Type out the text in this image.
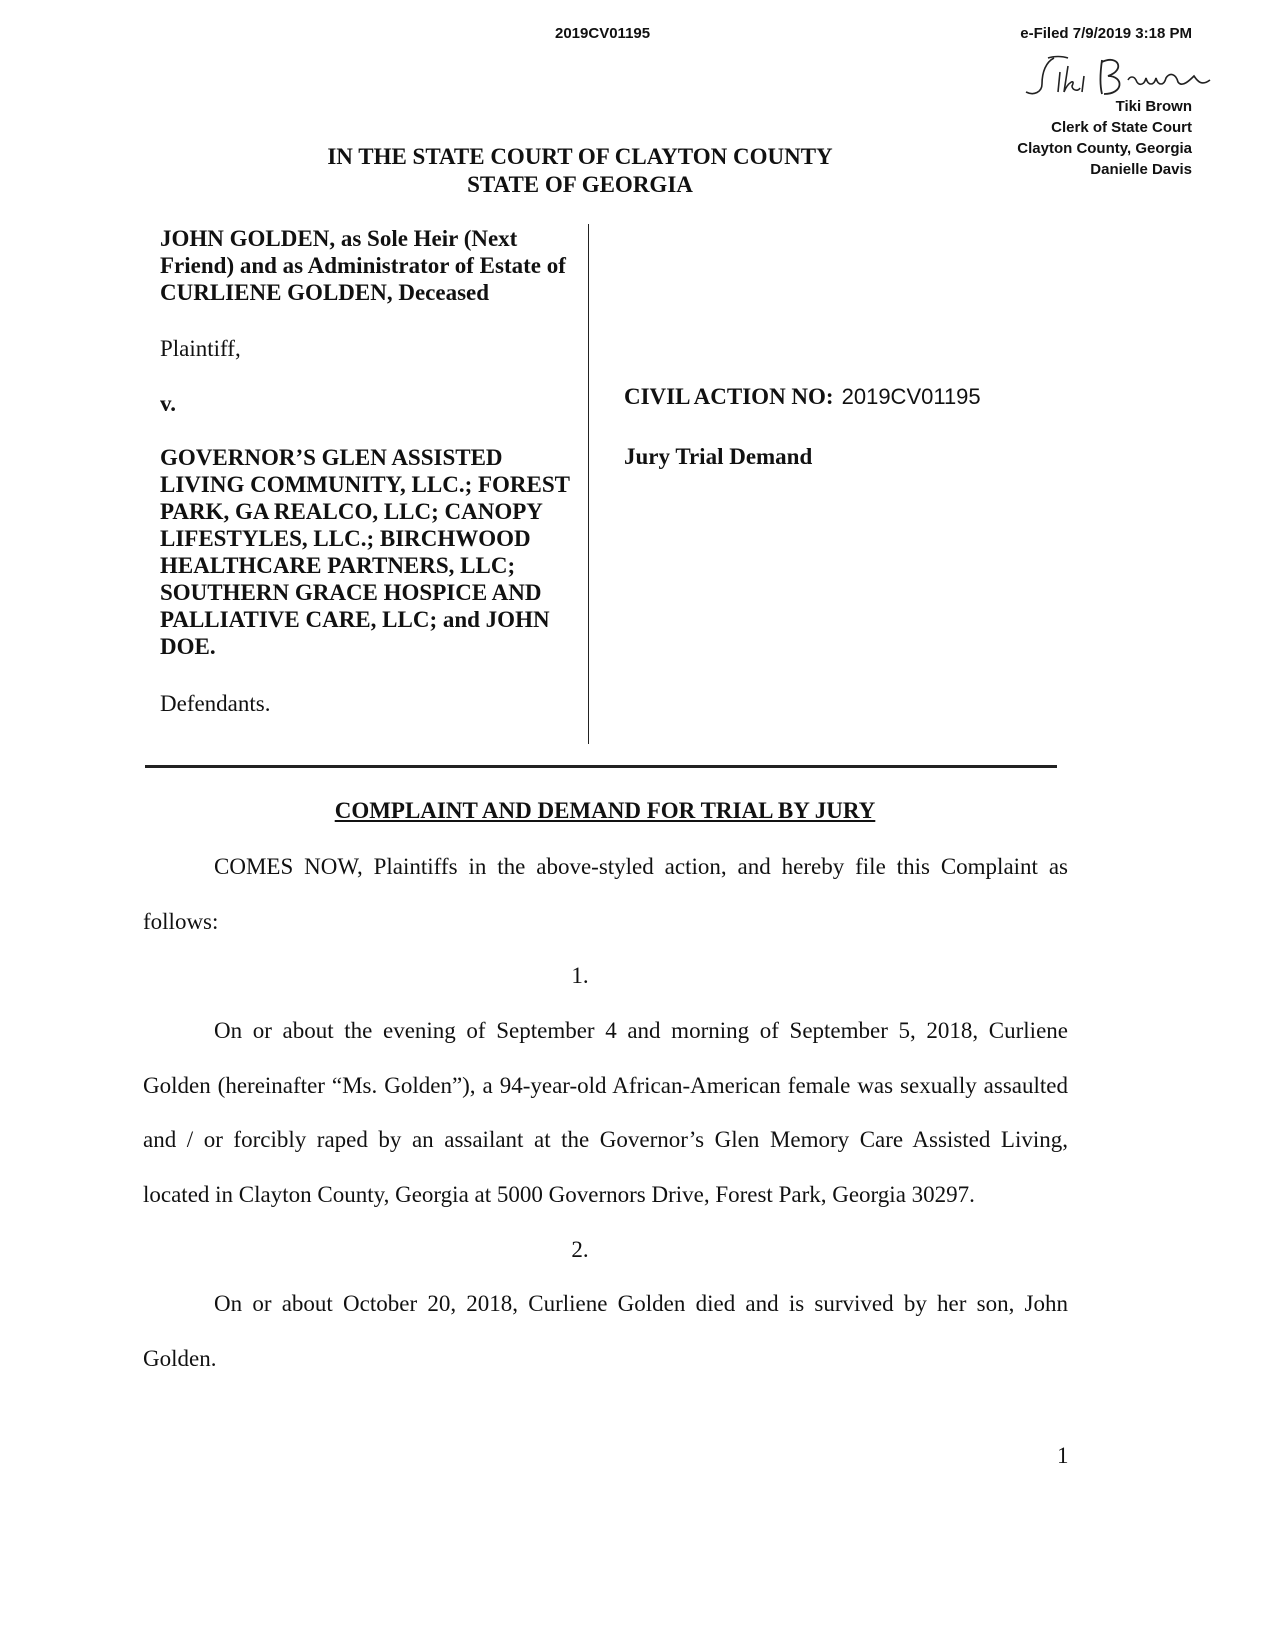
2019CV01195	e-Filed 7/9/2019 3:18 PM
Tiki Brown
Clerk of State Court
Clayton County, Georgia
Danielle Davis
IN THE STATE COURT OF CLAYTON COUNTY
STATE OF GEORGIA
JOHN GOLDEN, as Sole Heir (Next
Friend) and as Administrator of Estate of
CURLIENE GOLDEN, Deceased
Plaintiff,
v.
GOVERNOR’S GLEN ASSISTED
LIVING COMMUNITY, LLC.; FOREST
PARK, GA REALCO, LLC; CANOPY
LIFESTYLES, LLC.; BIRCHWOOD
HEALTHCARE PARTNERS, LLC;
SOUTHERN GRACE HOSPICE AND
PALLIATIVE CARE, LLC; and JOHN
DOE.
Defendants.
CIVIL ACTION NO: 2019CV01195
Jury Trial Demand
COMPLAINT AND DEMAND FOR TRIAL BY JURY
COMES NOW, Plaintiffs in the above-styled action, and hereby file this Complaint as follows:
1.
On or about the evening of September 4 and morning of September 5, 2018, Curliene Golden (hereinafter “Ms. Golden”), a 94-year-old African-American female was sexually assaulted and / or forcibly raped by an assailant at the Governor’s Glen Memory Care Assisted Living, located in Clayton County, Georgia at 5000 Governors Drive, Forest Park, Georgia 30297.
2.
On or about October 20, 2018, Curliene Golden died and is survived by her son, John Golden.
1
